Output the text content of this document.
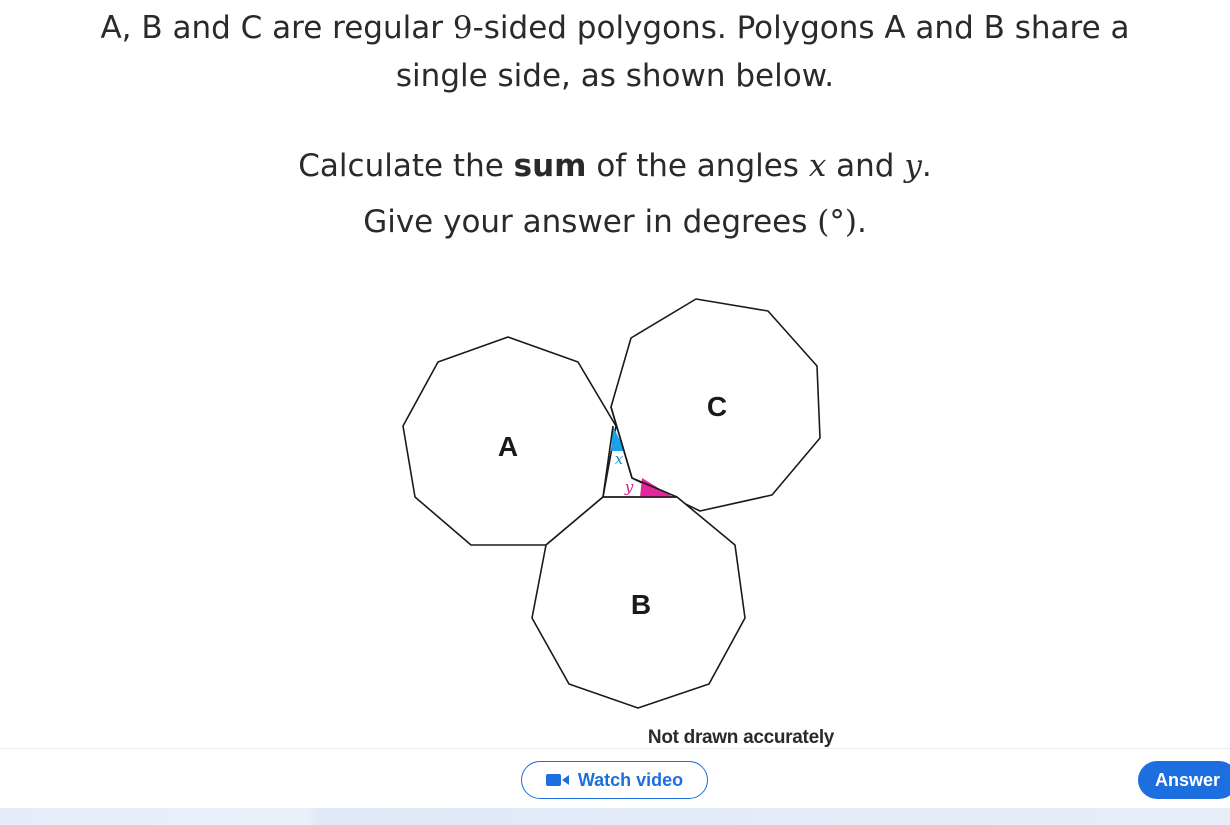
A, B and C are regular 9-sided polygons. Polygons A and B share a
single side, as shown below.
Calculate the sum of the angles x and y.
Give your answer in degrees (°).
A
C
B
x
y
Not drawn accurately
Watch video	Answer
